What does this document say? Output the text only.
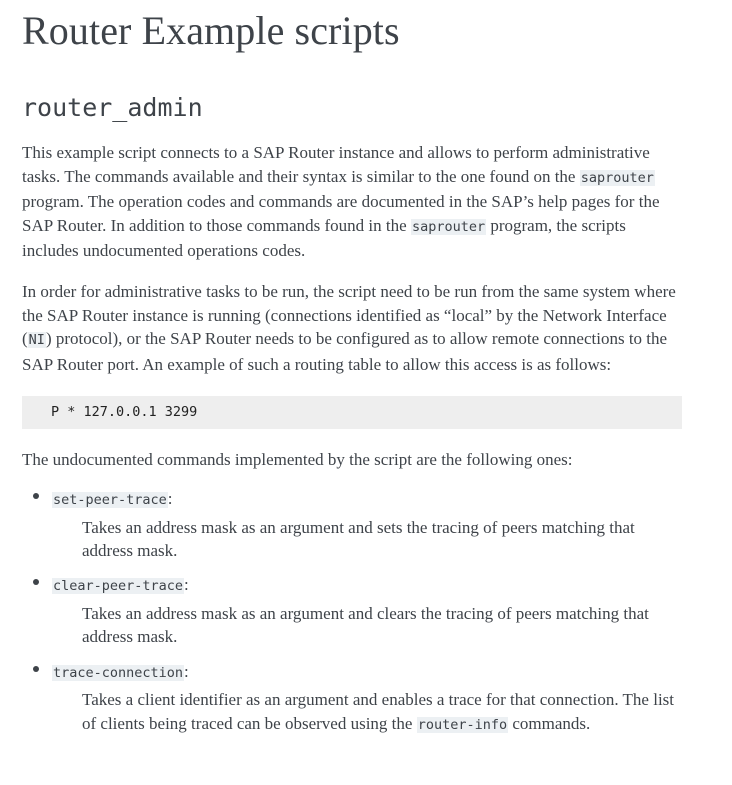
Router Example scripts
router_admin

This example script connects to a SAP Router instance and allows to perform administrative tasks. The commands available and their syntax is similar to the one found on the saprouter program. The operation codes and commands are documented in the SAP’s help pages for the SAP Router. In addition to those commands found in the saprouter program, the scripts includes undocumented operations codes.

In order for administrative tasks to be run, the script need to be run from the same system where the SAP Router instance is running (connections identified as “local” by the Network Interface (NI) protocol), or the SAP Router needs to be configured as to allow remote connections to the SAP Router port. An example of such a routing table to allow this access is as follows:

P * 127.0.0.1 3299

The undocumented commands implemented by the script are the following ones:

set-peer-trace:
Takes an address mask as an argument and sets the tracing of peers matching that address mask.
clear-peer-trace:
Takes an address mask as an argument and clears the tracing of peers matching that address mask.
trace-connection:
Takes a client identifier as an argument and enables a trace for that connection. The list of clients being traced can be observed using the router-info commands.
